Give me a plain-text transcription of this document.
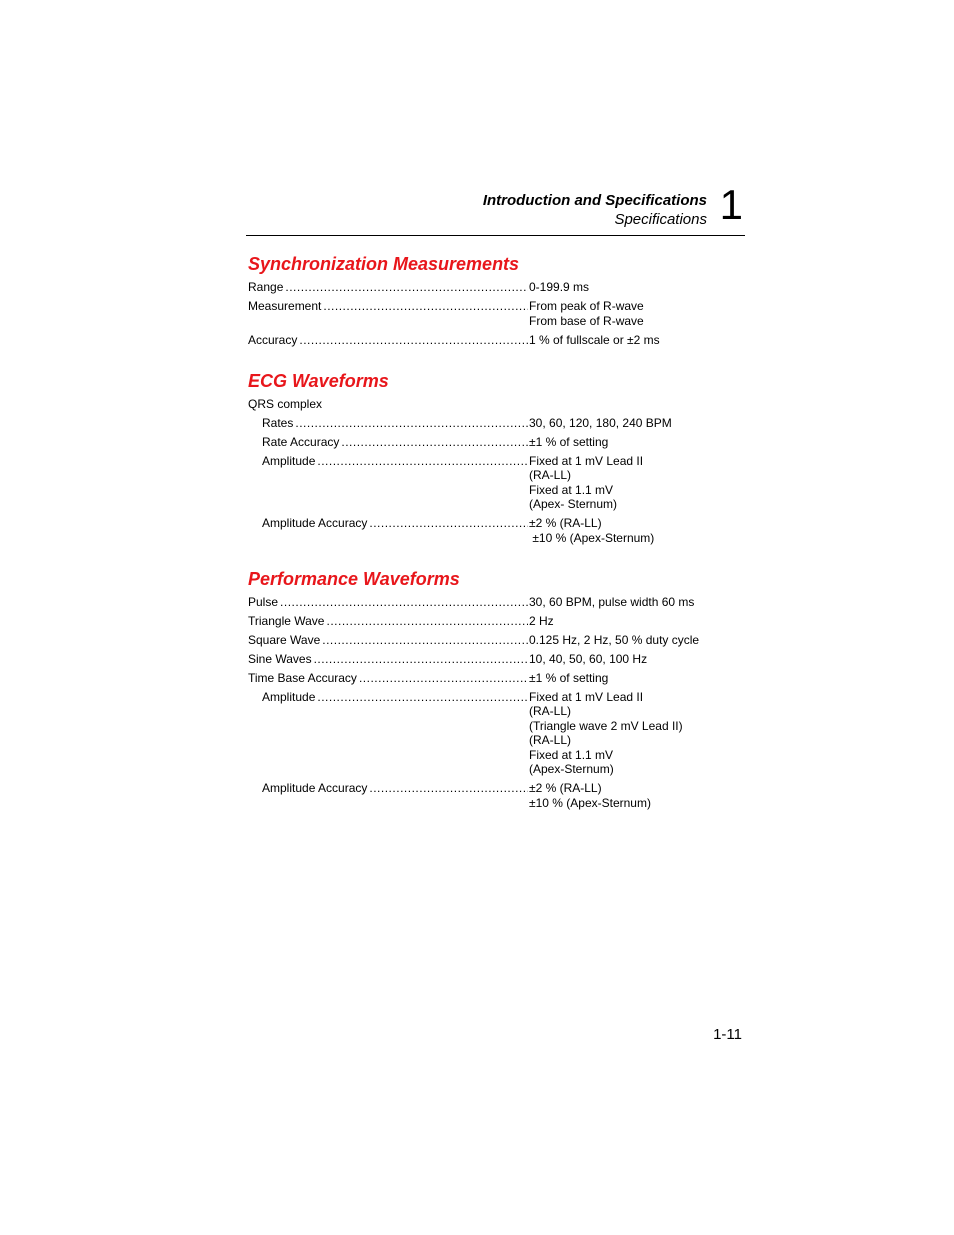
Introduction and Specifications
Specifications 1
Synchronization Measurements
Range .....	0-199.9 ms
Measurement .....	From peak of R-wave
From base of R-wave
Accuracy .....	1 % of fullscale or ±2 ms
ECG Waveforms
QRS complex
Rates .....	30, 60, 120, 180, 240 BPM
Rate Accuracy .....	±1 % of setting
Amplitude .....	Fixed at 1 mV Lead II
(RA-LL)
Fixed at 1.1 mV
(Apex- Sternum)
Amplitude Accuracy .....	±2 % (RA-LL)
±10 % (Apex-Sternum)
Performance Waveforms
Pulse .....	30, 60 BPM, pulse width 60 ms
Triangle Wave .....	2 Hz
Square Wave .....	0.125 Hz, 2 Hz, 50 % duty cycle
Sine Waves .....	10, 40, 50, 60, 100 Hz
Time Base Accuracy .....	±1 % of setting
Amplitude .....	Fixed at 1 mV Lead II
(RA-LL)
(Triangle wave 2 mV Lead II)
(RA-LL)
Fixed at 1.1 mV
(Apex-Sternum)
Amplitude Accuracy .....	±2 % (RA-LL)
±10 % (Apex-Sternum)
1-11
